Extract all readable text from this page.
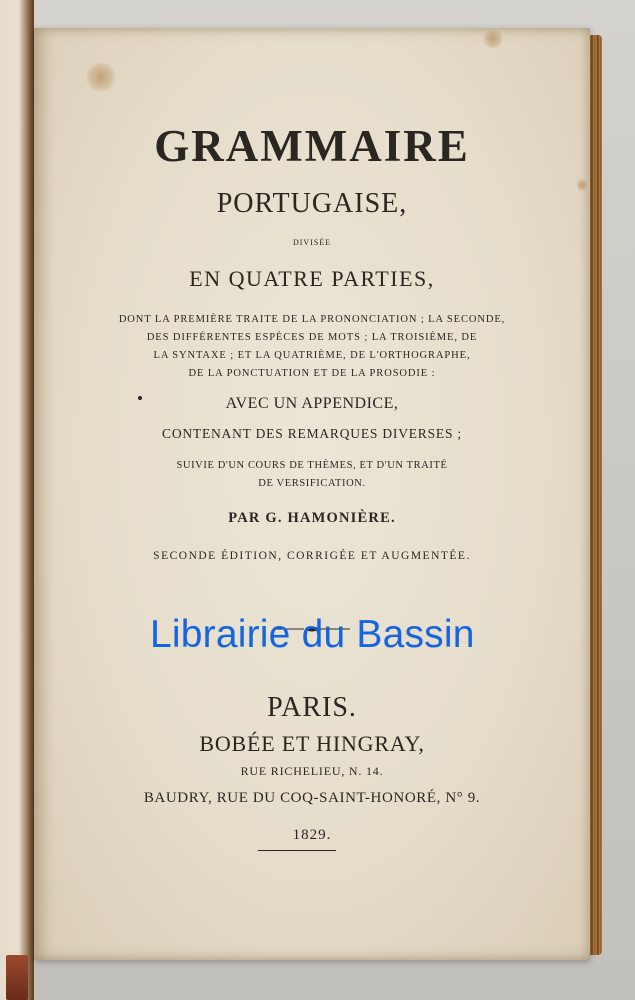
GRAMMAIRE
PORTUGAISE,
divisée
EN QUATRE PARTIES,
DONT LA PREMIÈRE TRAITE DE LA PRONONCIATION ; LA SECONDE,
DES DIFFÉRENTES ESPÈCES DE MOTS ; LA TROISIÈME, DE
LA SYNTAXE ; ET LA QUATRIÈME, DE L'ORTHOGRAPHE,
DE LA PONCTUATION ET DE LA PROSODIE :
AVEC UN APPENDICE,
CONTENANT DES REMARQUES DIVERSES ;
SUIVIE D'UN COURS DE THÈMES, ET D'UN TRAITÉ
DE VERSIFICATION.
PAR G. HAMONIÈRE.
SECONDE ÉDITION, CORRIGÉE ET AUGMENTÉE.
PARIS.
BOBÉE ET HINGRAY,
RUE RICHELIEU, N. 14.
BAUDRY, RUE DU COQ-SAINT-HONORÉ, N° 9.
1829.
Librairie du Bassin
